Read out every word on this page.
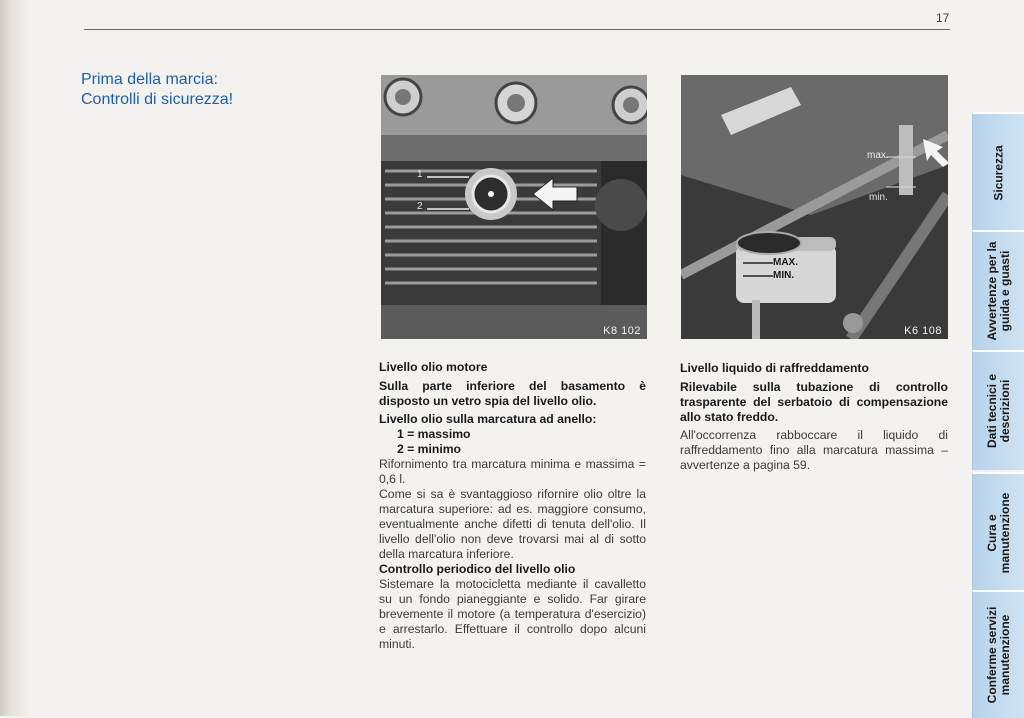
17
Prima della marcia:
Controlli di sicurezza!
1
2
K8 102
max.
min.
MAX.
MIN.
K6 108

Livello olio motore

Sulla parte inferiore del basamento è disposto un vetro spia del livello olio.

Livello olio sulla marcatura ad anello:

1 = massimo

2 = minimo

Rifornimento tra marcatura minima e massima = 0,6 l.

Come si sa è svantaggioso rifornire olio oltre la marcatura superiore: ad es. maggiore consumo, eventualmente anche difetti di tenuta dell'olio. Il livello dell'olio non deve trovarsi mai al di sotto della marcatura inferiore.

Controllo periodico del livello olio

Sistemare la motocicletta mediante il cavalletto su un fondo pianeggiante e solido. Far girare brevemente il motore (a temperatura d'esercizio) e arrestarlo. Effettuare il controllo dopo alcuni minuti.

Livello liquido di raffreddamento

Rilevabile sulla tubazione di controllo trasparente del serbatoio di compensazione allo stato freddo.

All'occorrenza rabboccare il liquido di raffreddamento fino alla marcatura massima – avvertenze a pagina 59.

Sicurezza
Avvertenze per la
guida e guasti
Dati tecnici e
descrizioni
Cura e
manutenzione
Conferme servizi
manutenzione
